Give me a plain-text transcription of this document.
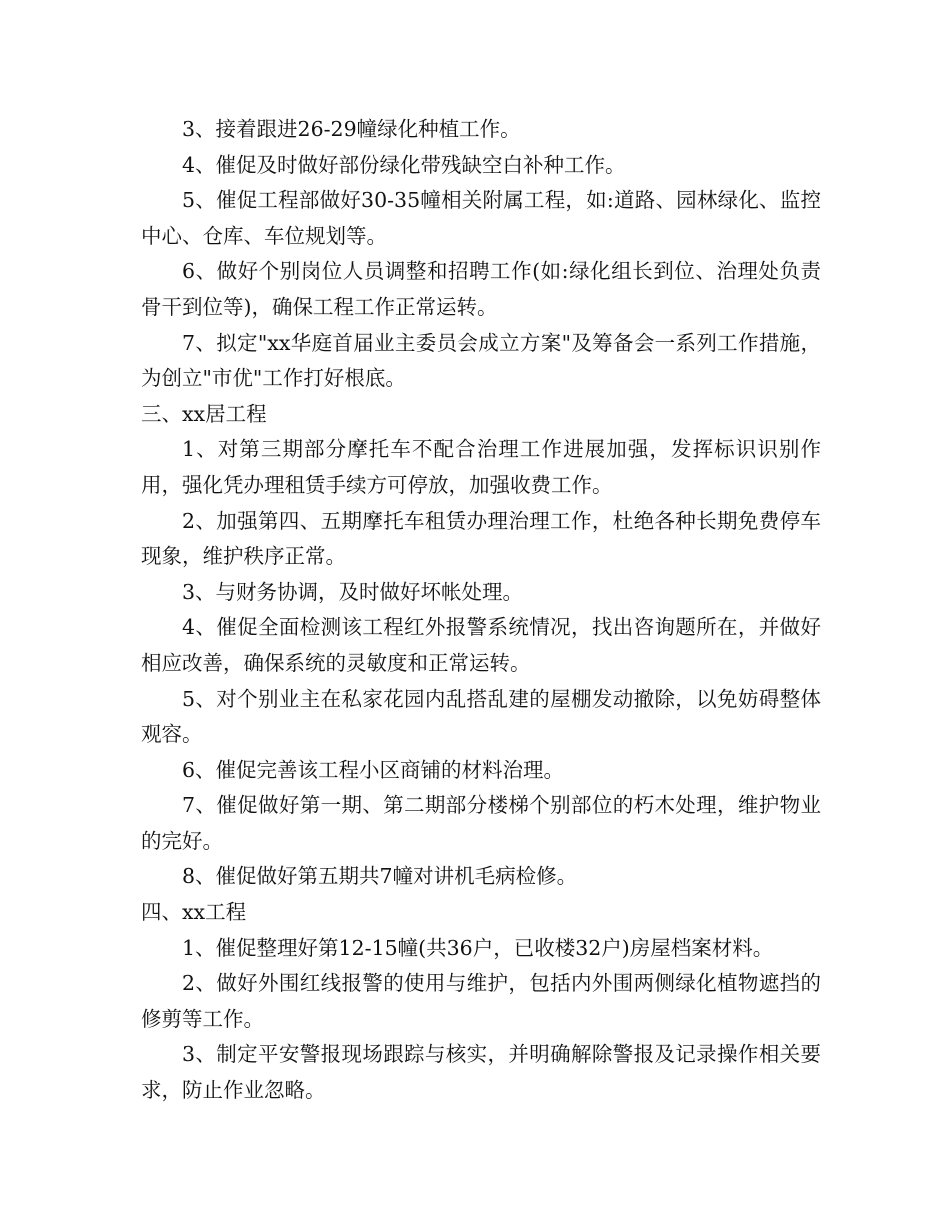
3、接着跟进26-29幢绿化种植工作。

4、催促及时做好部份绿化带残缺空白补种工作。

5、催促工程部做好30-35幢相关附属工程，如:道路、园林绿化、监控中心、仓库、车位规划等。

6、做好个别岗位人员调整和招聘工作(如:绿化组长到位、治理处负责骨干到位等)，确保工程工作正常运转。

7、拟定"xx华庭首届业主委员会成立方案"及筹备会一系列工作措施，为创立"市优"工作打好根底。

三、xx居工程

1、对第三期部分摩托车不配合治理工作进展加强，发挥标识识别作用，强化凭办理租赁手续方可停放，加强收费工作。

2、加强第四、五期摩托车租赁办理治理工作，杜绝各种长期免费停车现象，维护秩序正常。

3、与财务协调，及时做好坏帐处理。

4、催促全面检测该工程红外报警系统情况，找出咨询题所在，并做好相应改善，确保系统的灵敏度和正常运转。

5、对个别业主在私家花园内乱搭乱建的屋棚发动撤除，以免妨碍整体观容。

6、催促完善该工程小区商铺的材料治理。

7、催促做好第一期、第二期部分楼梯个别部位的朽木处理，维护物业的完好。

8、催促做好第五期共7幢对讲机毛病检修。

四、xx工程

1、催促整理好第12-15幢(共36户，已收楼32户)房屋档案材料。

2、做好外围红线报警的使用与维护，包括内外围两侧绿化植物遮挡的修剪等工作。

3、制定平安警报现场跟踪与核实，并明确解除警报及记录操作相关要求，防止作业忽略。
